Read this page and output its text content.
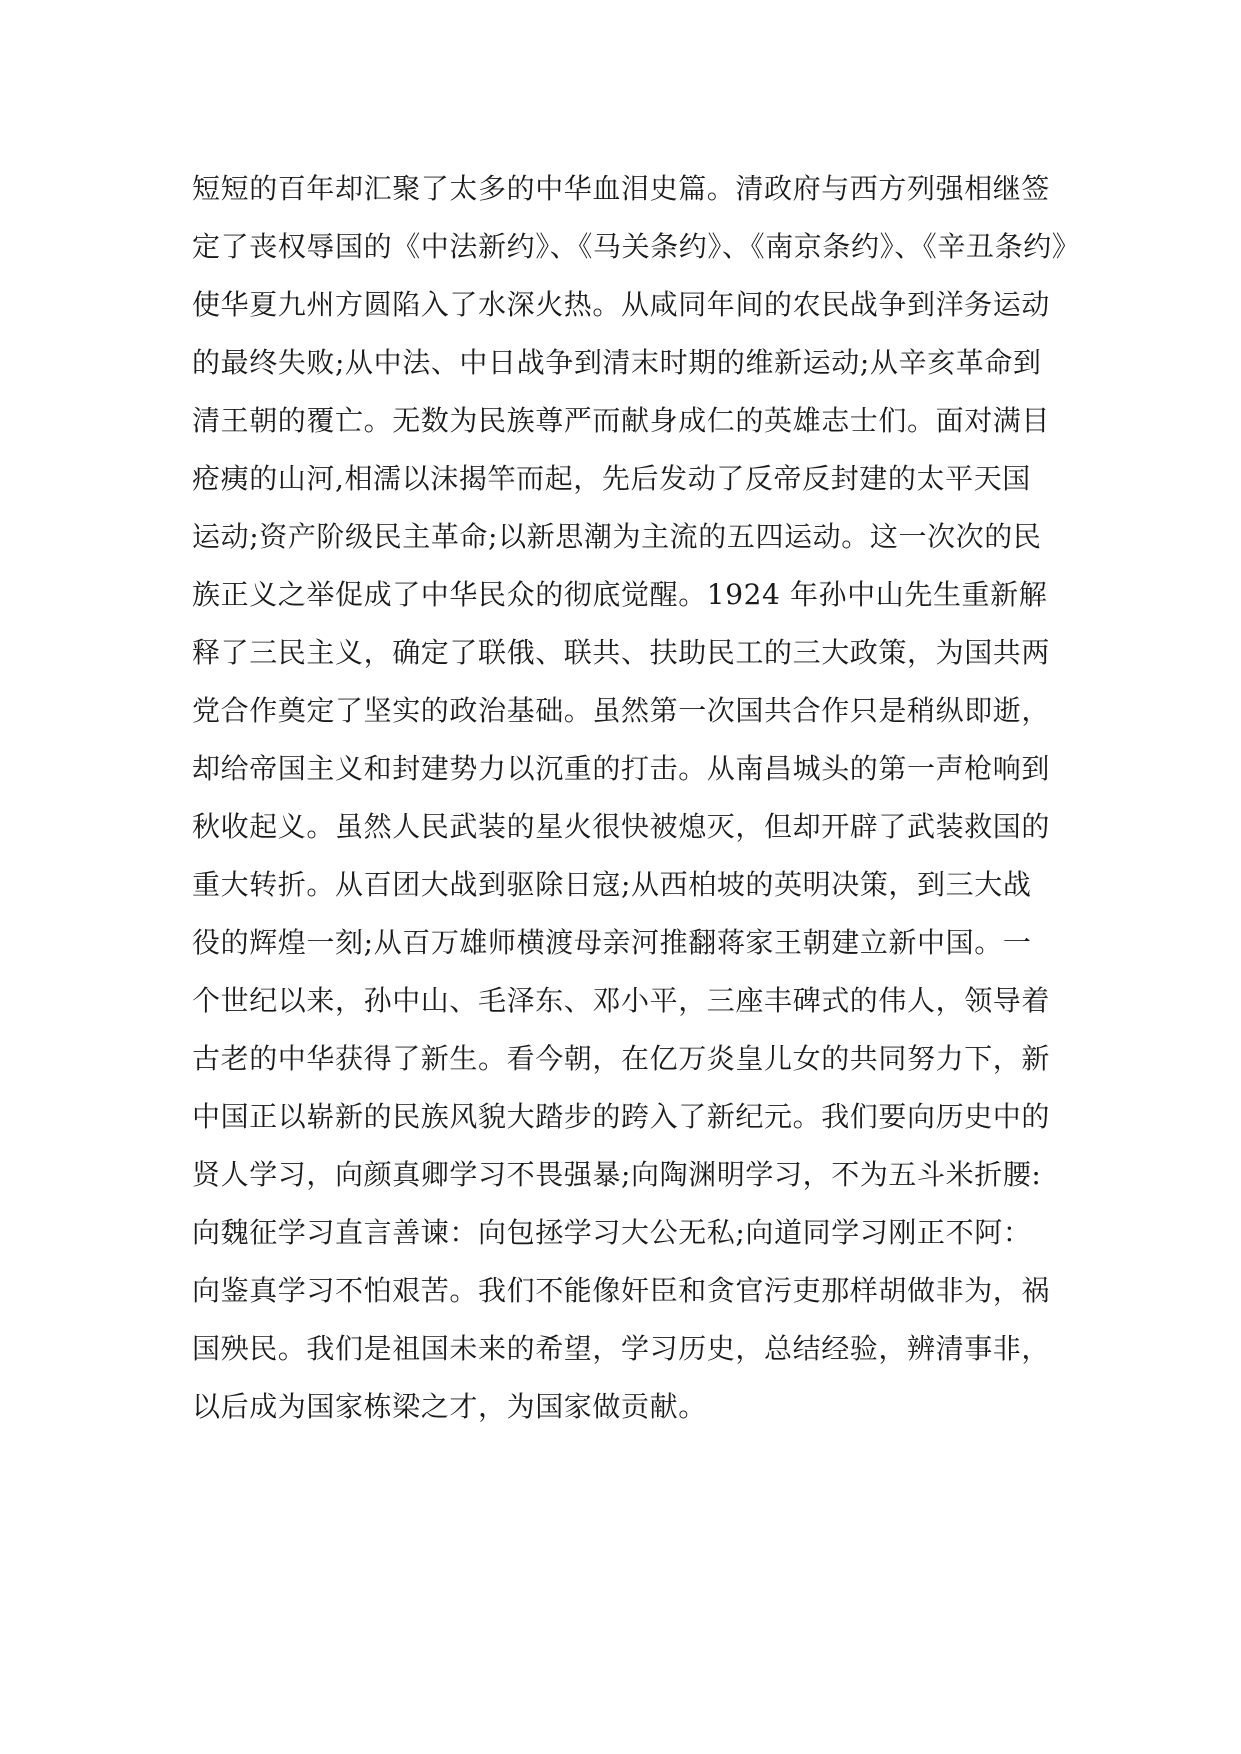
短短的百年却汇聚了太多的中华血泪史篇。清政府与西方列强相继签
定了丧权辱国的《中法新约》、《马关条约》、《南京条约》、《辛丑条约》
使华夏九州方圆陷入了水深火热。从咸同年间的农民战争到洋务运动
的最终失败;从中法、中日战争到清末时期的维新运动;从辛亥革命到
清王朝的覆亡。无数为民族尊严而献身成仁的英雄志士们。面对满目
疮痍的山河,相濡以沫揭竿而起，先后发动了反帝反封建的太平天国
运动;资产阶级民主革命;以新思潮为主流的五四运动。这一次次的民
族正义之举促成了中华民众的彻底觉醒。1924 年孙中山先生重新解
释了三民主义，确定了联俄、联共、扶助民工的三大政策，为国共两
党合作奠定了坚实的政治基础。虽然第一次国共合作只是稍纵即逝，
却给帝国主义和封建势力以沉重的打击。从南昌城头的第一声枪响到
秋收起义。虽然人民武装的星火很快被熄灭，但却开辟了武装救国的
重大转折。从百团大战到驱除日寇;从西柏坡的英明决策，到三大战
役的辉煌一刻;从百万雄师横渡母亲河推翻蒋家王朝建立新中国。一
个世纪以来，孙中山、毛泽东、邓小平，三座丰碑式的伟人，领导着
古老的中华获得了新生。看今朝，在亿万炎皇儿女的共同努力下，新
中国正以崭新的民族风貌大踏步的跨入了新纪元。我们要向历史中的
贤人学习，向颜真卿学习不畏强暴;向陶渊明学习，不为五斗米折腰:
向魏征学习直言善谏：向包拯学习大公无私;向道同学习刚正不阿：
向鉴真学习不怕艰苦。我们不能像奸臣和贪官污吏那样胡做非为，祸
国殃民。我们是祖国未来的希望，学习历史，总结经验，辨清事非，
以后成为国家栋梁之才，为国家做贡献。
